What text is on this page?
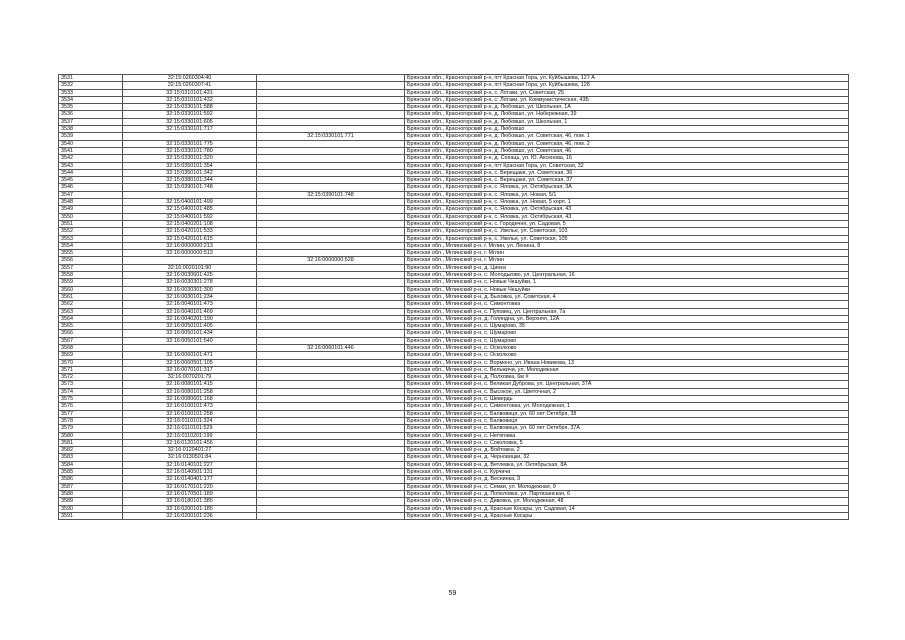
3531	32:15:0260304:40		Брянская обл., Красногорский р-н, пгт Красная Гора, ул. Куйбышева, 127 А
3532	32:15:0260307:41		Брянская обл., Красногорский р-н, пгт Красная Гора, ул. Куйбышева, 128
3533	32:15:0310101:431		Брянская обл., Красногорский р-н, с. Лотаки, ул. Советская, 25
3534	32:15:0310101:432		Брянская обл., Красногорский р-н, с. Лотаки, ул. Коммунистическая, 43Б
3535	32:15:0330101:588		Брянская обл., Красногорский р-н, д. Любовшо, ул. Школьная, 1А
3536	32:15:0330101:592		Брянская обл., Красногорский р-н, д. Любовшо, ул. Набережная, 39
3537	32:15:0330101:605		Брянская обл., Красногорский р-н, д. Любовшо, ул. Школьная, 1
3538	32:15:0330101:717		Брянская обл., Красногорский р-н, д. Любовшо
3539		32:15:0330101:771	Брянская обл., Красногорский р-н, д. Любовшо, ул. Советская, 46, пом. 1
3540	32:15:0330101:775		Брянская обл., Красногорский р-н, д. Любовшо, ул. Советская, 46, пом. 2
3541	32:15:0330101:780		Брянская обл., Красногорский р-н, д. Любовшо, ул. Советская, 46
3542	32:15:0330101:320		Брянская обл., Красногорский р-н, д. Сопаць, ул. Ю. Аксенова, 16
3543	32:15:0350101:354		Брянская обл., Красногорский р-н, пгт Красная Гора, ул. Советская, 32
3544	32:15:0350101:342		Брянская обл., Красногорский р-н, с. Верещаки, ул. Советская, 36
3545	32:15:0380101:344		Брянская обл., Красногорский р-н, с. Верещаки, ул. Советская, 37
3546	32:15:0390101:748		Брянская обл., Красногорский р-н, с. Яловка, ул. Октябрьская, 3А
3547		32:15:0390101:748	Брянская обл., Красногорский р-н, с. Яловка, ул. Новая, 5/1
3548	32:15:0400101:499		Брянская обл., Красногорский р-н, с. Яловка, ул. Новая, 5 корп. 1
3549	32:15:0400101:485		Брянская обл., Красногорский р-н, с. Яловка, ул. Октябрьская, 43
3550	32:15:0400101:592		Брянская обл., Красногорский р-н, с. Яловка, ул. Октябрьская, 43
3551	32:15:0400201:108		Брянская обл., Красногорский р-н, с. Городечня, ул. Садовая, 5
3552	32:15:0420101:533		Брянская обл., Красногорский р-н, с. Увелье, ул. Советская, 103
3553	32:15:0420101:615		Брянская обл., Красногорский р-н, с. Увелье, ул. Советская, 105
3554	32:16:0000000:213		Брянская обл., Мглинский р-н, г. Мглин, ул. Ленина, 8
3555	32:16:0000000:513		Брянская обл., Мглинский р-н, г. Мглин
3556		32:16:0000000:528	Брянская обл., Мглинский р-н, г. Мглин
3557	32:16:0020101:90		Брянская обл., Мглинский р-н, д. Цинка
3558	32:16:0030601:425		Брянская обл., Мглинский р-н, с. Молодьково, ул. Центральная, 16
3559	32:16:0030301:278		Брянская обл., Мглинский р-н, с. Новые Чешуйки, 1
3560	32:16:0030301:300		Брянская обл., Мглинский р-н, с. Новые Чешуйки
3561	32:16:0030101:234		Брянская обл., Мглинский р-н, д. Быховка, ул. Советская, 4
3562	32:16:0040101:473		Брянская обл., Мглинский р-н, с. Симонтовка
3563	32:16:0040101:469		Брянская обл., Мглинский р-н, с. Пуповец, ул. Центральная, 7а
3564	32:16:0040201:190		Брянская обл., Мглинский р-н, д. Голяндна, ул. Верхняя, 12А
3565	32:16:0050101:405		Брянская обл., Мглинский р-н, с. Шумарово, 35
3566	32:16:0050101:434		Брянская обл., Мглинский р-н, с. Шумарово
3567	32:16:0050101:540		Брянская обл., Мглинский р-н, с. Шумарово
3568		32:16:0060101:446	Брянская обл., Мглинский р-н, с. Осколково
3569	32:16:0060101:471		Брянская обл., Мглинский р-н, с. Осколково
3570	32:16:0060501:105		Брянская обл., Мглинский р-н, с. Вормено, ул. Ивана Новикова, 13
3571	32:16:0070101:317		Брянская обл., Мглинский р-н, с. Вельжичи, ул. Молодежная
3572	32:16:0070201:79		Брянская обл., Мглинский р-н, д. Полховка, 6м #
3573	32:16:0080101:415		Брянская обл., Мглинский р-н, с. Великая Дуброва, ул. Центральная, 37А
3574	32:16:0080101:258		Брянская обл., Мглинский р-н, с. Высокое, ул. Цветочная, 2
3575	32:16:0080601:168		Брянская обл., Мглинский р-н, с. Шевердь
3576	32:16:0100101:473		Брянская обл., Мглинский р-н, с. Симонтовка, ул. Молодежная, 1
3577	32:16:0100101:258		Брянская обл., Мглинский р-н, с. Балвовиця, ул. 60 лет Октября, 38
3578	32:16:0110101:324		Брянская обл., Мглинский р-н, с. Балвовиця
3579	32:16:0110101:529		Брянская обл., Мглинский р-н, с. Балвовиця, ул. 60 лет Октября, 37А
3580	32:16:0110201:199		Брянская обл., Мглинский р-н, с. Нетяговка
3581	32:16:0120101:456		Брянская обл., Мглинский р-н, с. Соколовка, 5
3582	32:16:0120401:27		Брянская обл., Мглинский р-н, д. Войтовка, 2
3583	32:16:0130501:84		Брянская обл., Мглинский р-н, д. Черновицки, 32
3584	32:16:0140101:227		Брянская обл., Мглинский р-н, д. Ветлевка, ул. Октябрьская, 8А
3585	32:16:0140501:131		Брянская обл., Мглинский р-н, с. Курчичи
3586	32:16:0140401:177		Брянская обл., Мглинский р-н, д. Веснинка, 3
3587	32:16:0170101:220		Брянская обл., Мглинский р-н, с. Семки, ул. Молодежная, 9
3588	32:16:0170501:189		Брянская обл., Мглинский р-н, д. Попеловка, ул. Партизанская, 6
3589	32:16:0180101:385		Брянская обл., Мглинский р-н, с. Дивовка, ул. Молодежная, 48
3590	32:16:0200101:185		Брянская обл., Мглинский р-н, д. Красные Косары, ул. Садовая, 14
3591	32:16:0200101:236		Брянская обл., Мглинский р-н, д. Красные Косары
59
